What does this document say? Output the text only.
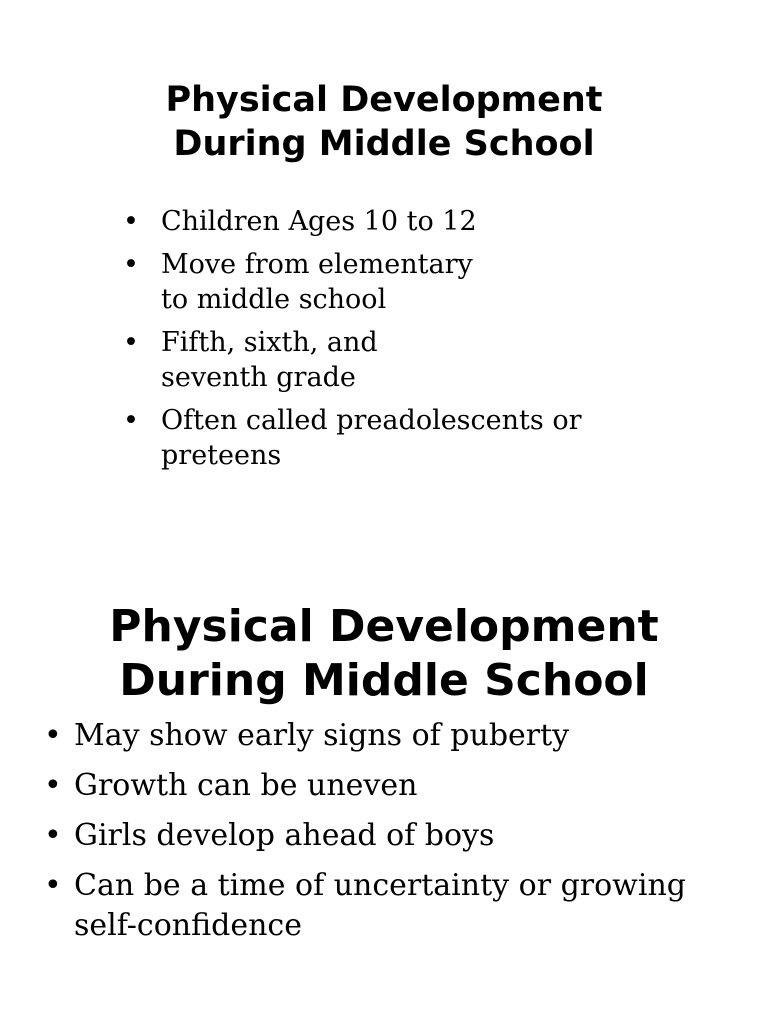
Physical Development
During Middle School
• Children Ages 10 to 12
• Move from elementary
to middle school
• Fifth, sixth, and
seventh grade
• Often called preadolescents or
preteens
Physical Development
During Middle School
• May show early signs of puberty
• Growth can be uneven
• Girls develop ahead of boys
• Can be a time of uncertainty or growing
self-confidence
